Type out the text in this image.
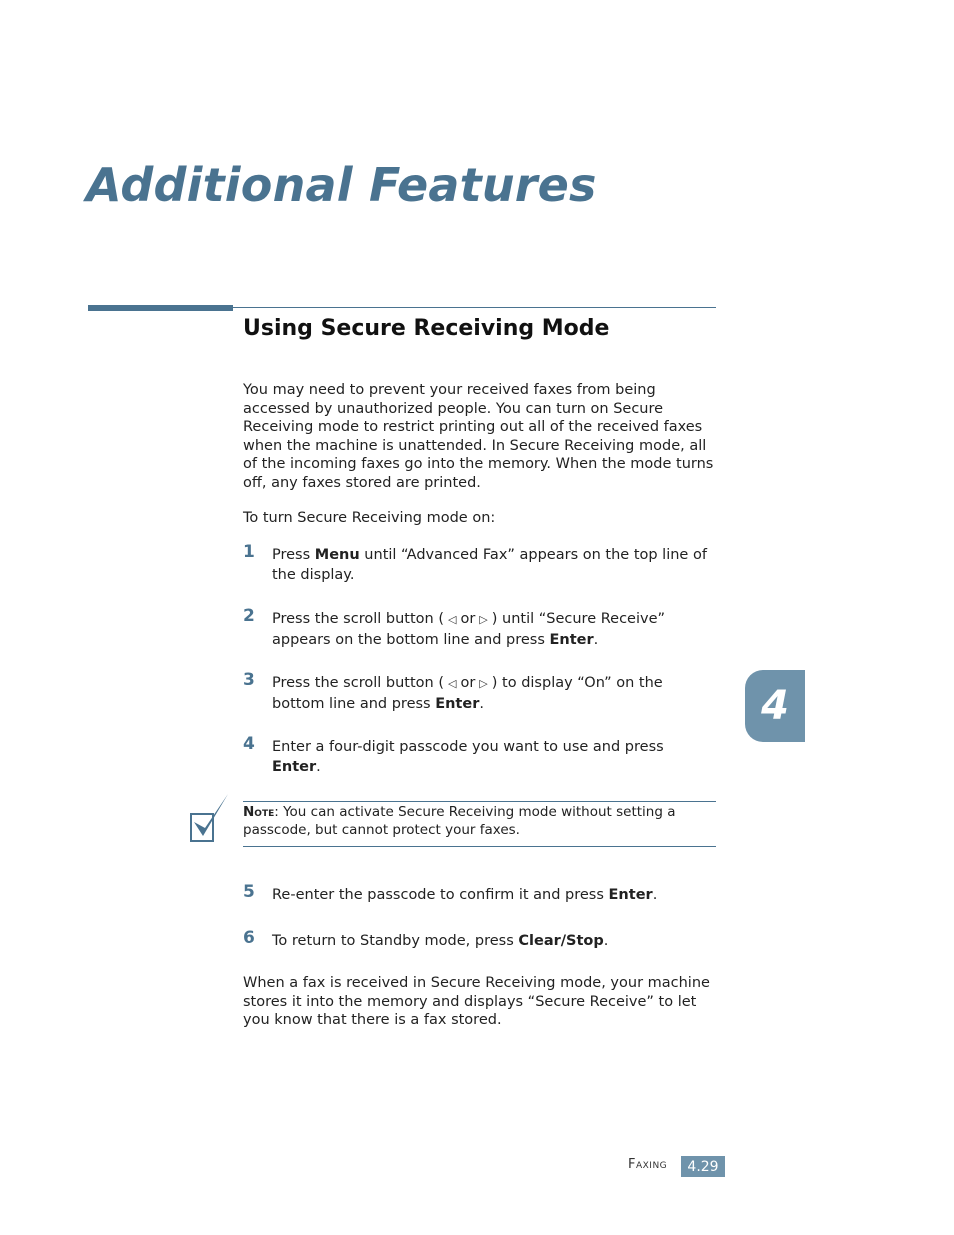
Additional Features
Using Secure Receiving Mode

You may need to prevent your received faxes from being accessed by unauthorized people. You can turn on Secure Receiving mode to restrict printing out all of the received faxes when the machine is unattended. In Secure Receiving mode, all of the incoming faxes go into the memory. When the mode turns off, any faxes stored are printed.

To turn Secure Receiving mode on:

1 Press Menu until “Advanced Fax” appears on the top line of the display.
2 Press the scroll button ( ◁ or ▷ ) until “Secure Receive” appears on the bottom line and press Enter.
3 Press the scroll button ( ◁ or ▷ ) to display “On” on the bottom line and press Enter.
4 Enter a four-digit passcode you want to use and press Enter.

Note: You can activate Secure Receiving mode without setting a passcode, but cannot protect your faxes.

5 Re-enter the passcode to confirm it and press Enter.
6 To return to Standby mode, press Clear/Stop.

When a fax is received in Secure Receiving mode, your machine stores it into the memory and displays “Secure Receive” to let you know that there is a fax stored.

4
Faxing	4.29
